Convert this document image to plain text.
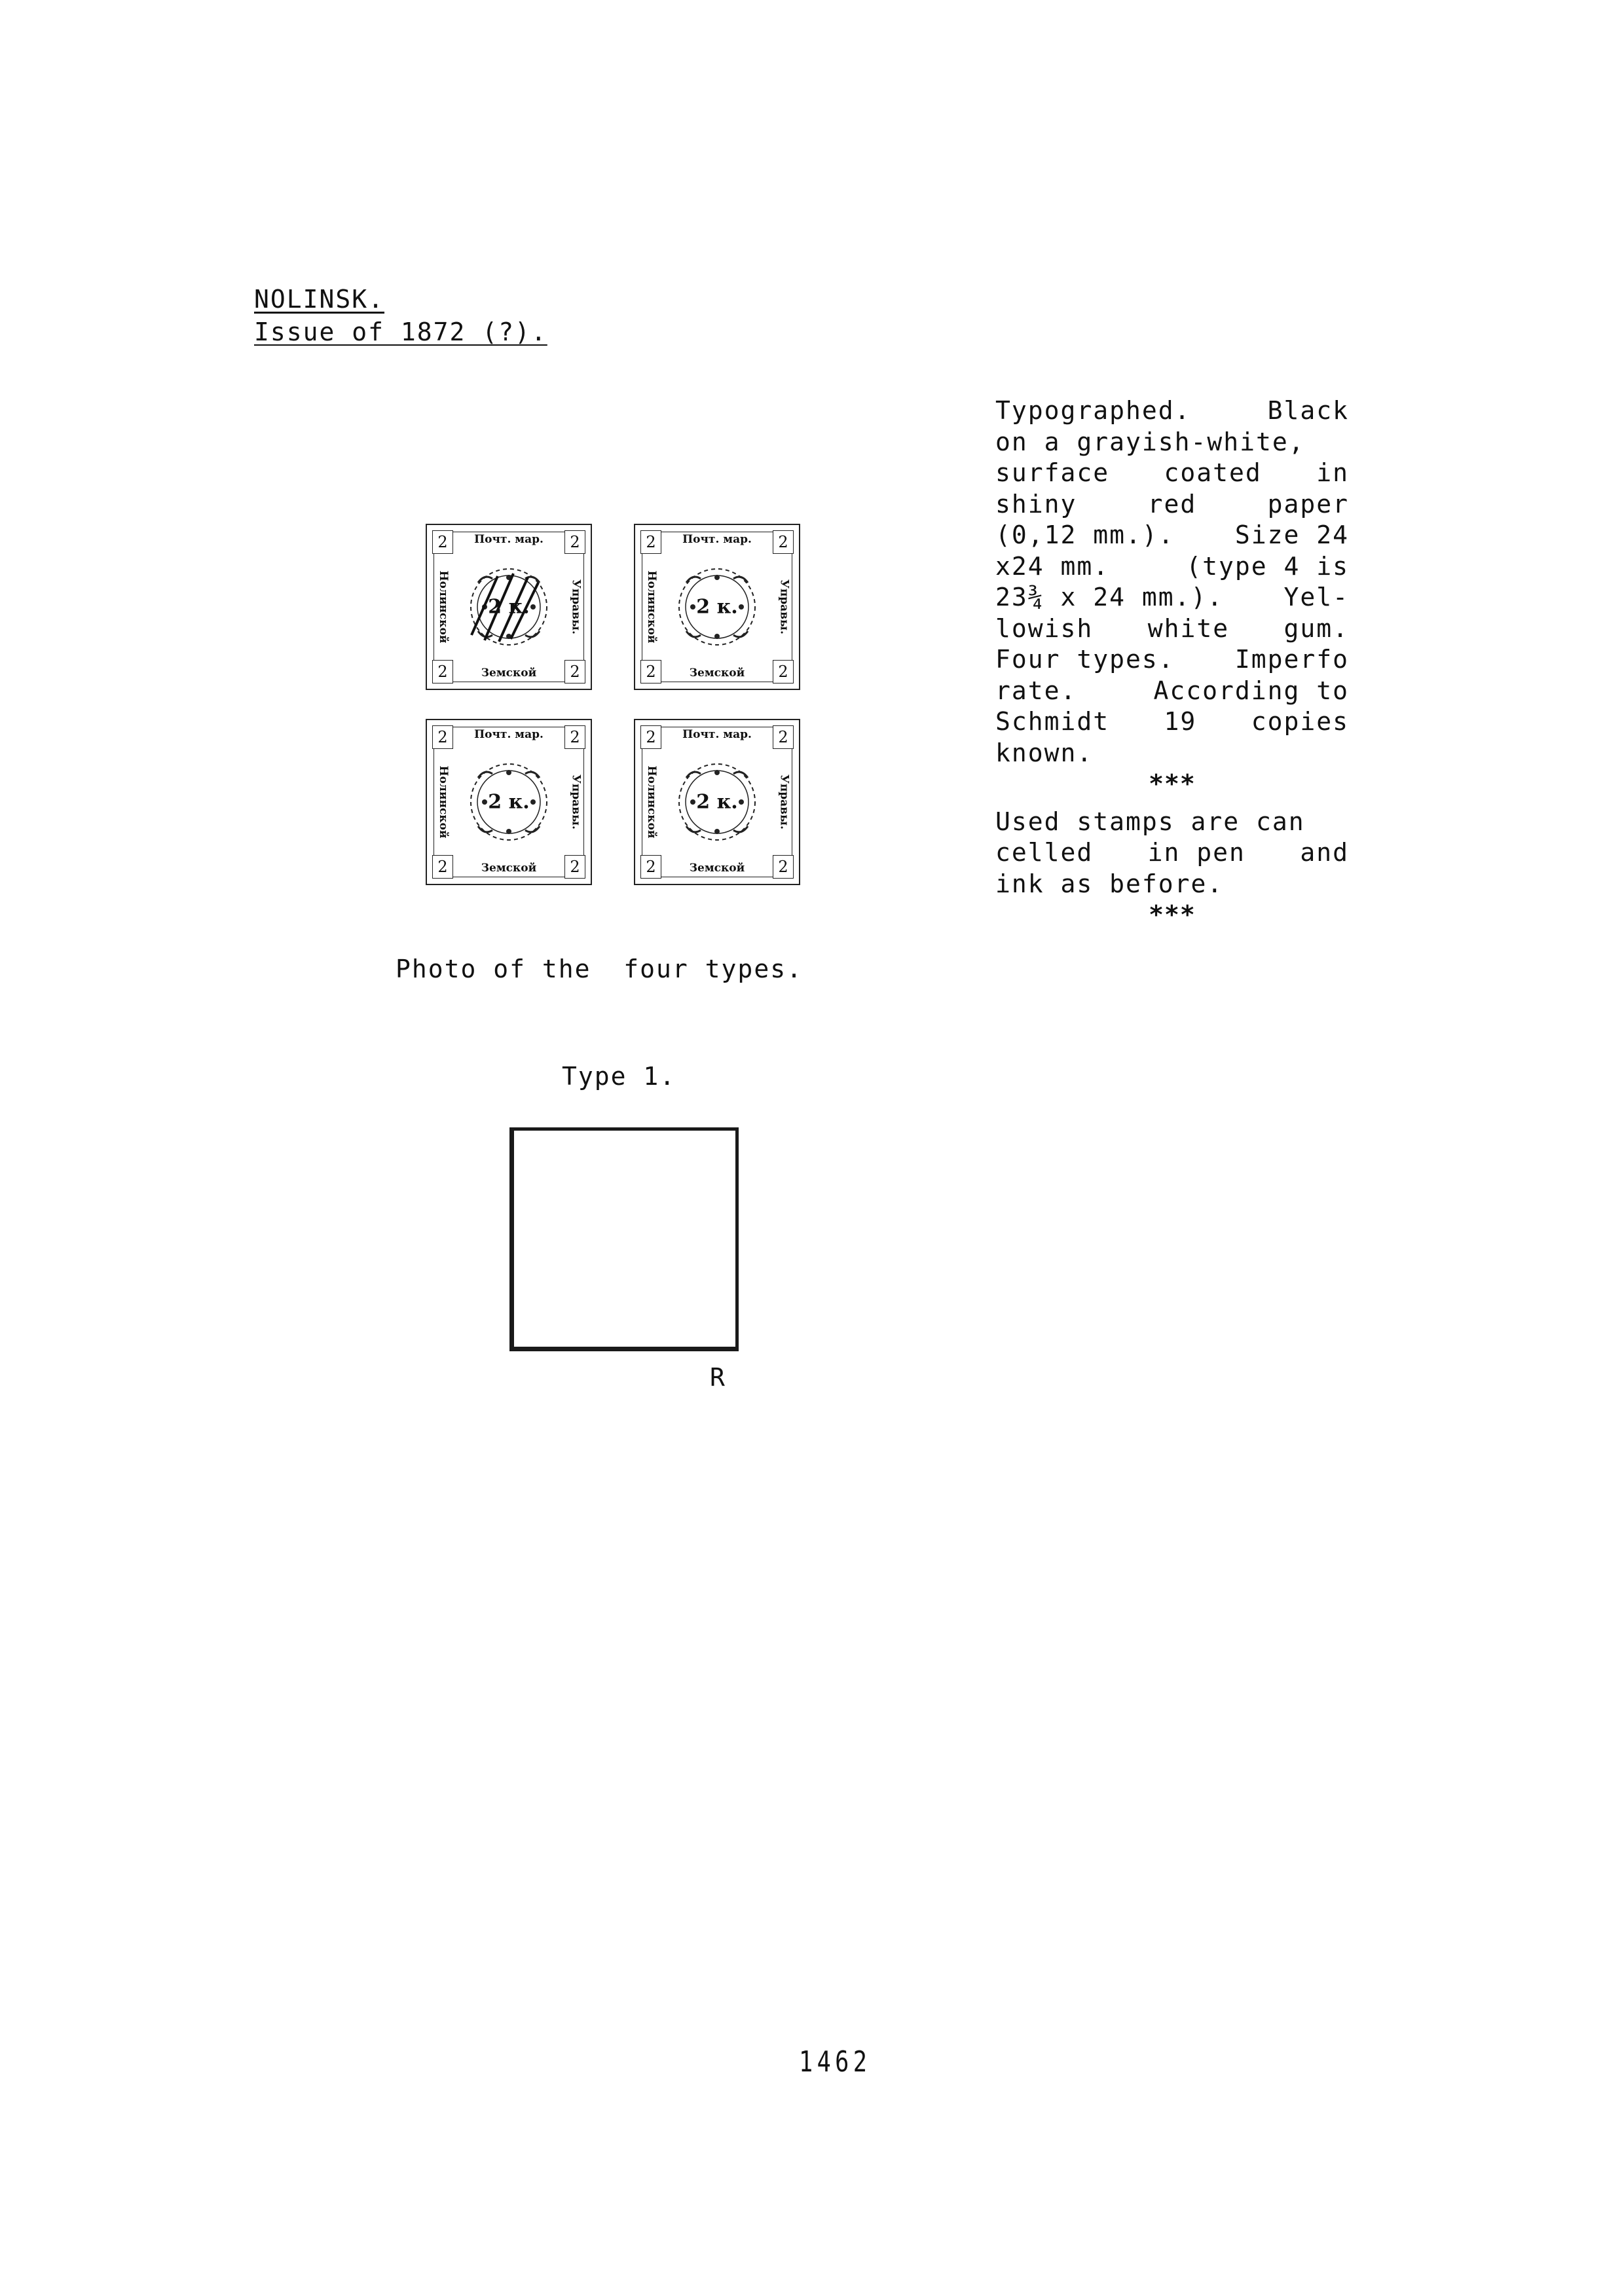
NOLINSK.
Issue of 1872 (?).
Typographed.	Black
on a grayish-white,
surface coated in
shiny	red	paper
(0,12 mm.). Size 24
x24 mm.	(type 4 is
23¾ x 24 mm.). Yel-
lowish white gum.
Four types. Imperfo
rate.	According to
Schmidt 19 copies
known.
***
Used stamps are can
celled in pen and
ink as before.
***
2	2
2	2
Почт. мар.
Земской
Нолинской	Управы.
2 к.
2	2
2	2
Почт. мар.
Земской
Нолинской	Управы.
2 к.
2	2
2	2
Почт. мар.
Земской
Нолинской	Управы.
2 к.
2	2
2	2
Почт. мар.
Земской
Нолинской	Управы.
2 к.
Photo of the  four types.
Type 1.
R
1462
